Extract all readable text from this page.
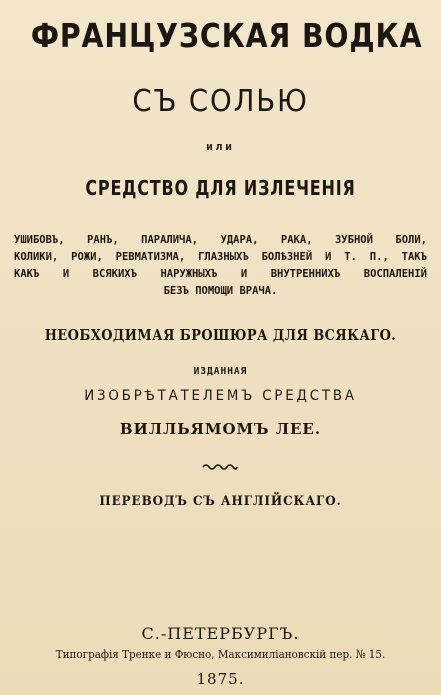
ФРАНЦУЗСКАЯ ВОДКА
СЪ СОЛЬЮ
или
СРЕДСТВО ДЛЯ ИЗЛЕЧЕНІЯ
УШИБОВЪ, РАНЪ, ПАРАЛИЧА, УДАРА, РАКА, ЗУБНОЙ БОЛИ,
КОЛИКИ, РОЖИ, РЕВМАТИЗМА, ГЛАЗНЫХЪ БОЛѢЗНЕЙ И Т. П., ТАКЪ
КАКЪ И ВСЯКИХЪ НАРУЖНЫХЪ И ВНУТРЕННИХЪ ВОСПАЛЕНІЙ
БЕЗЪ ПОМОЩИ ВРАЧА.
НЕОБХОДИМАЯ БРОШЮРА ДЛЯ ВСЯКАГО.
ИЗДАННАЯ
ИЗОБРѢТАТЕЛЕМЪ СРЕДСТВА
ВИЛЛЬЯМОМЪ ЛЕЕ.
ПЕРЕВОДЪ СЪ АНГЛІЙСКАГО.
С.-ПЕТЕРБУРГЪ.
Типографія Тренке и Фюсно, Максимиліановскій пер. № 15.
1875.
